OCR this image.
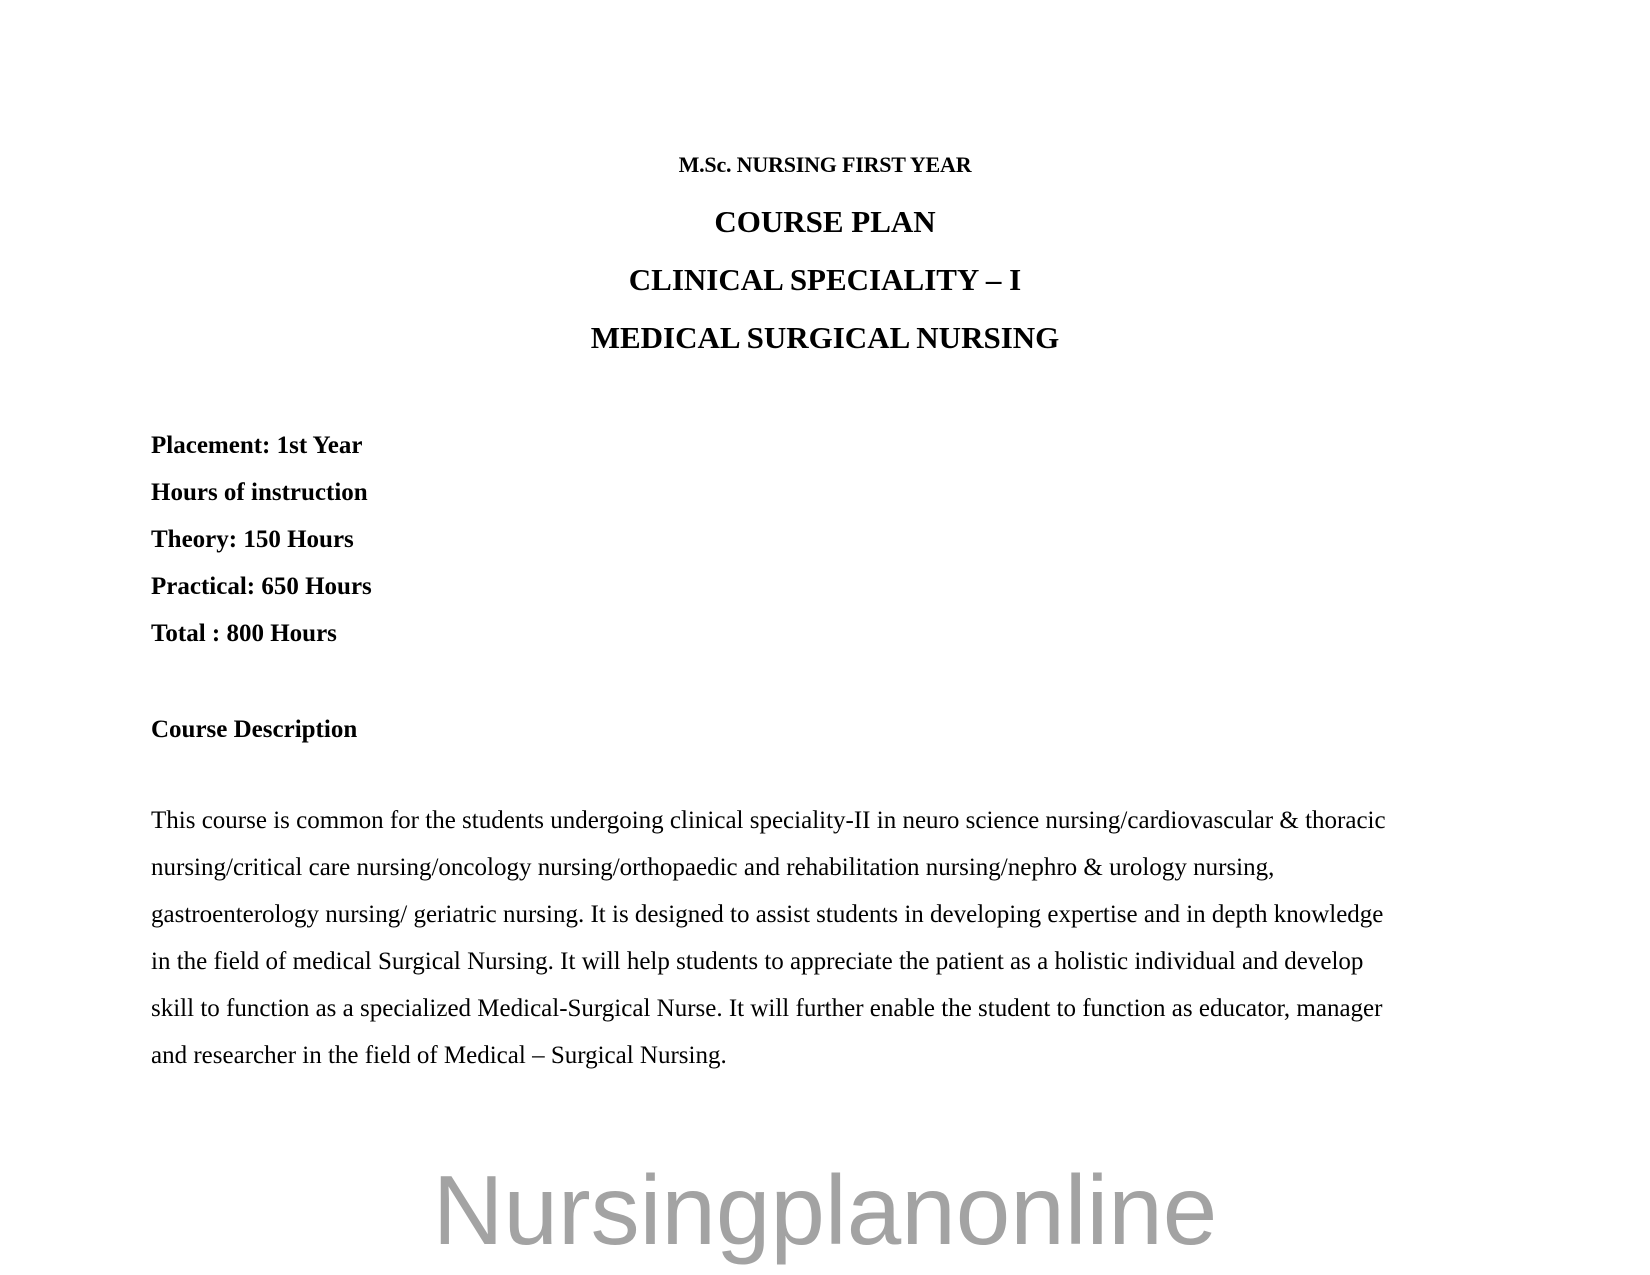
M.Sc. NURSING FIRST YEAR
COURSE PLAN
CLINICAL SPECIALITY – I
MEDICAL SURGICAL NURSING
Placement: 1st Year
Hours of instruction
Theory: 150 Hours
Practical: 650 Hours
Total : 800 Hours
Course Description
This course is common for the students undergoing clinical speciality-II in neuro science nursing/cardiovascular & thoracic
nursing/critical care nursing/oncology nursing/orthopaedic and rehabilitation nursing/nephro & urology nursing,
gastroenterology nursing/ geriatric nursing. It is designed to assist students in developing expertise and in depth knowledge
in the field of medical Surgical Nursing. It will help students to appreciate the patient as a holistic individual and develop
skill to function as a specialized Medical-Surgical Nurse. It will further enable the student to function as educator, manager
and researcher in the field of Medical – Surgical Nursing.
Nursingplanonline
